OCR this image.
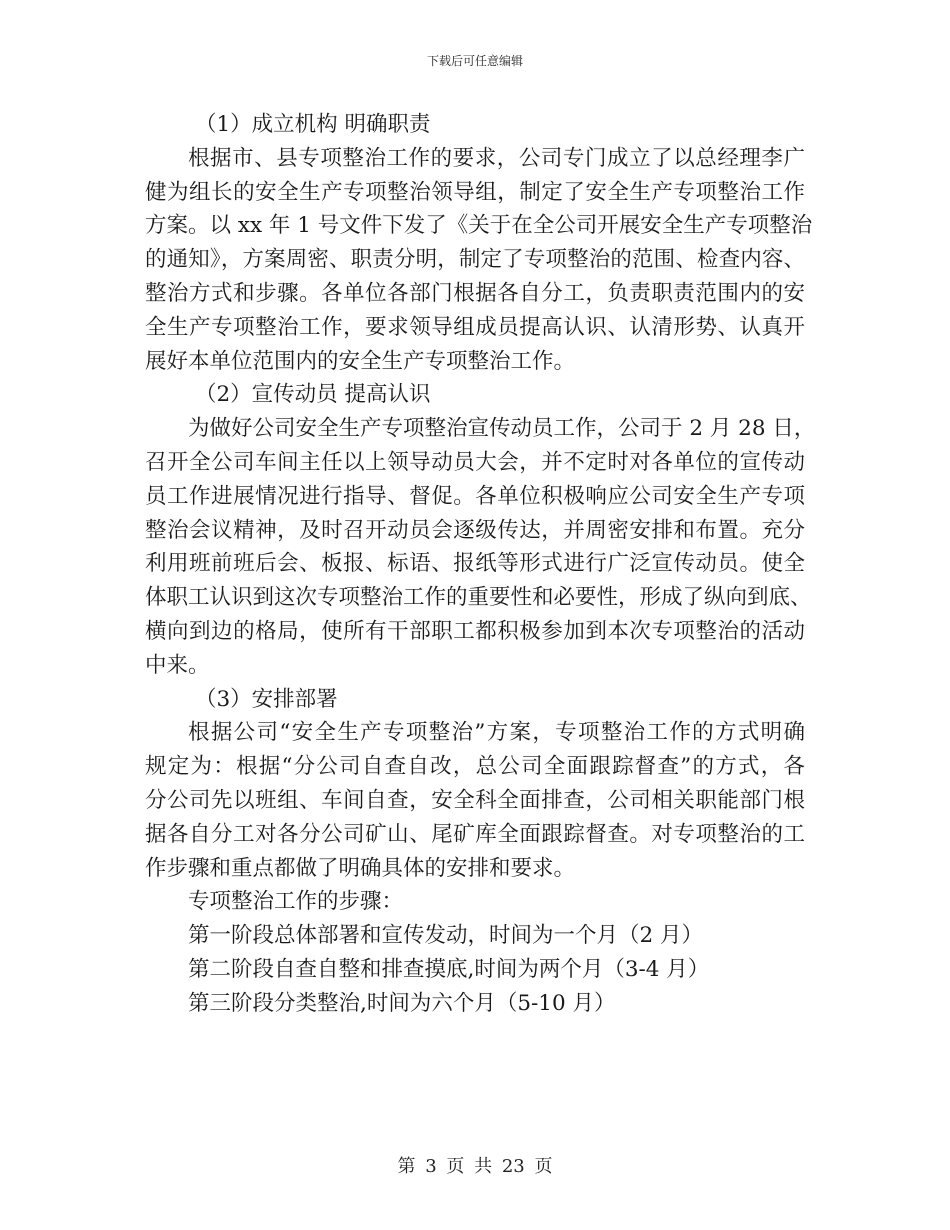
下载后可任意编辑
（1）成立机构 明确职责
根据市、县专项整治工作的要求，公司专门成立了以总经理李广
健为组长的安全生产专项整治领导组，制定了安全生产专项整治工作
方案。以 xx 年 1 号文件下发了《关于在全公司开展安全生产专项整治
的通知》，方案周密、职责分明，制定了专项整治的范围、检查内容、
整治方式和步骤。各单位各部门根据各自分工，负责职责范围内的安
全生产专项整治工作，要求领导组成员提高认识、认清形势、认真开
展好本单位范围内的安全生产专项整治工作。
（2）宣传动员 提高认识
为做好公司安全生产专项整治宣传动员工作，公司于 2 月 28 日，
召开全公司车间主任以上领导动员大会，并不定时对各单位的宣传动
员工作进展情况进行指导、督促。各单位积极响应公司安全生产专项
整治会议精神，及时召开动员会逐级传达，并周密安排和布置。充分
利用班前班后会、板报、标语、报纸等形式进行广泛宣传动员。使全
体职工认识到这次专项整治工作的重要性和必要性，形成了纵向到底、
横向到边的格局，使所有干部职工都积极参加到本次专项整治的活动
中来。
（3）安排部署
根据公司“安全生产专项整治”方案，专项整治工作的方式明确
规定为：根据“分公司自查自改，总公司全面跟踪督查”的方式，各
分公司先以班组、车间自查，安全科全面排查，公司相关职能部门根
据各自分工对各分公司矿山、尾矿库全面跟踪督查。对专项整治的工
作步骤和重点都做了明确具体的安排和要求。
专项整治工作的步骤：
第一阶段总体部署和宣传发动，时间为一个月（2 月）
第二阶段自查自整和排查摸底,时间为两个月（3-4 月）
第三阶段分类整治,时间为六个月（5-10 月）
第 3 页 共 23 页
